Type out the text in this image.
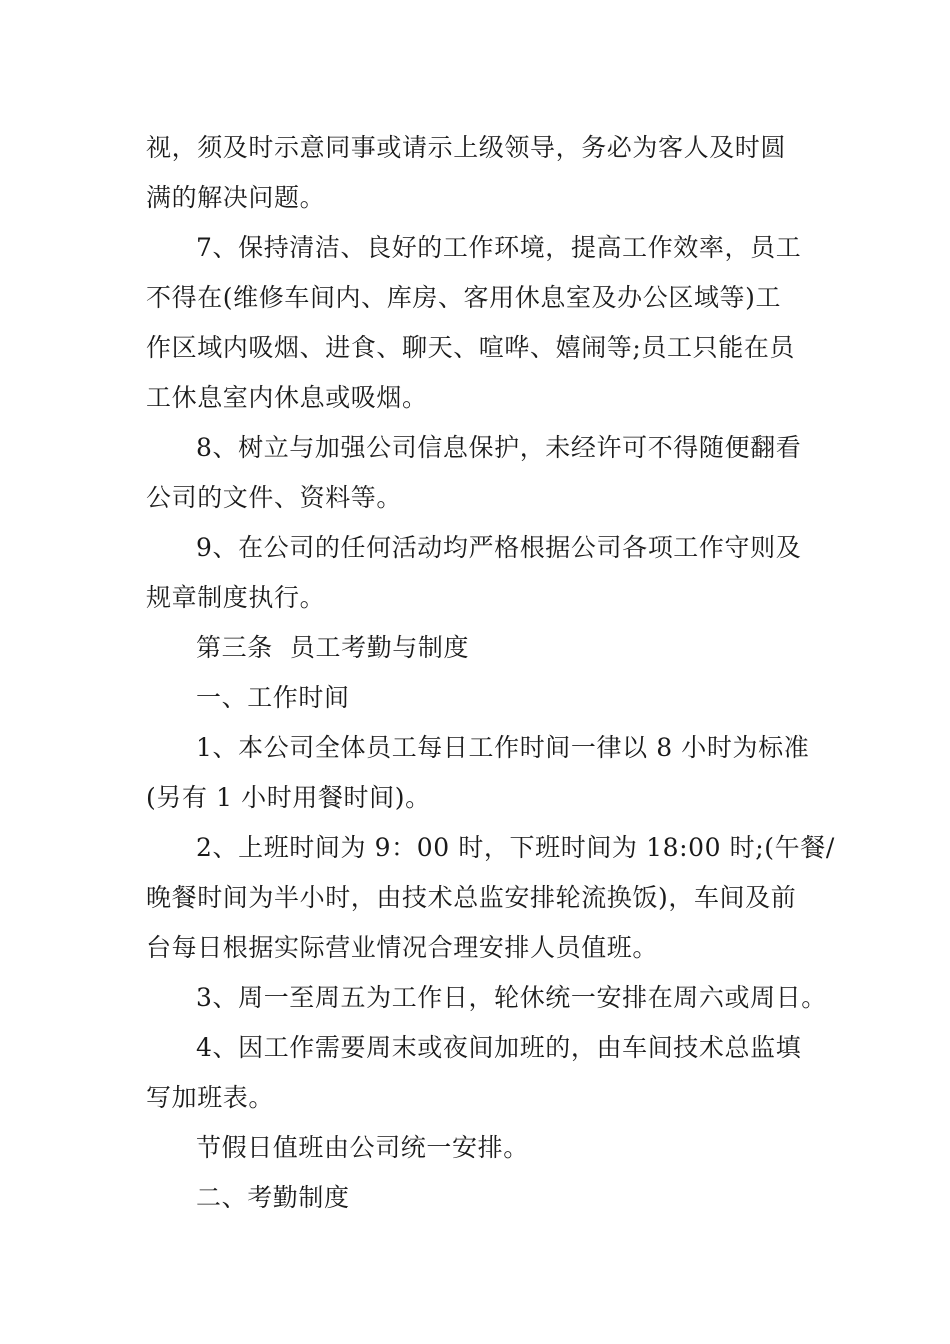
视，须及时示意同事或请示上级领导，务必为客人及时圆
满的解决问题。
7、保持清洁、良好的工作环境，提高工作效率，员工
不得在(维修车间内、库房、客用休息室及办公区域等)工
作区域内吸烟、进食、聊天、喧哗、嬉闹等;员工只能在员
工休息室内休息或吸烟。
8、树立与加强公司信息保护，未经许可不得随便翻看
公司的文件、资料等。
9、在公司的任何活动均严格根据公司各项工作守则及
规章制度执行。
第三条  员工考勤与制度
一、工作时间
1、本公司全体员工每日工作时间一律以 8 小时为标准
(另有 1 小时用餐时间)。
2、上班时间为 9：00 时，下班时间为 18:00 时;(午餐/
晚餐时间为半小时，由技术总监安排轮流换饭)，车间及前
台每日根据实际营业情况合理安排人员值班。
3、周一至周五为工作日，轮休统一安排在周六或周日。
4、因工作需要周末或夜间加班的，由车间技术总监填
写加班表。
节假日值班由公司统一安排。
二、考勤制度
